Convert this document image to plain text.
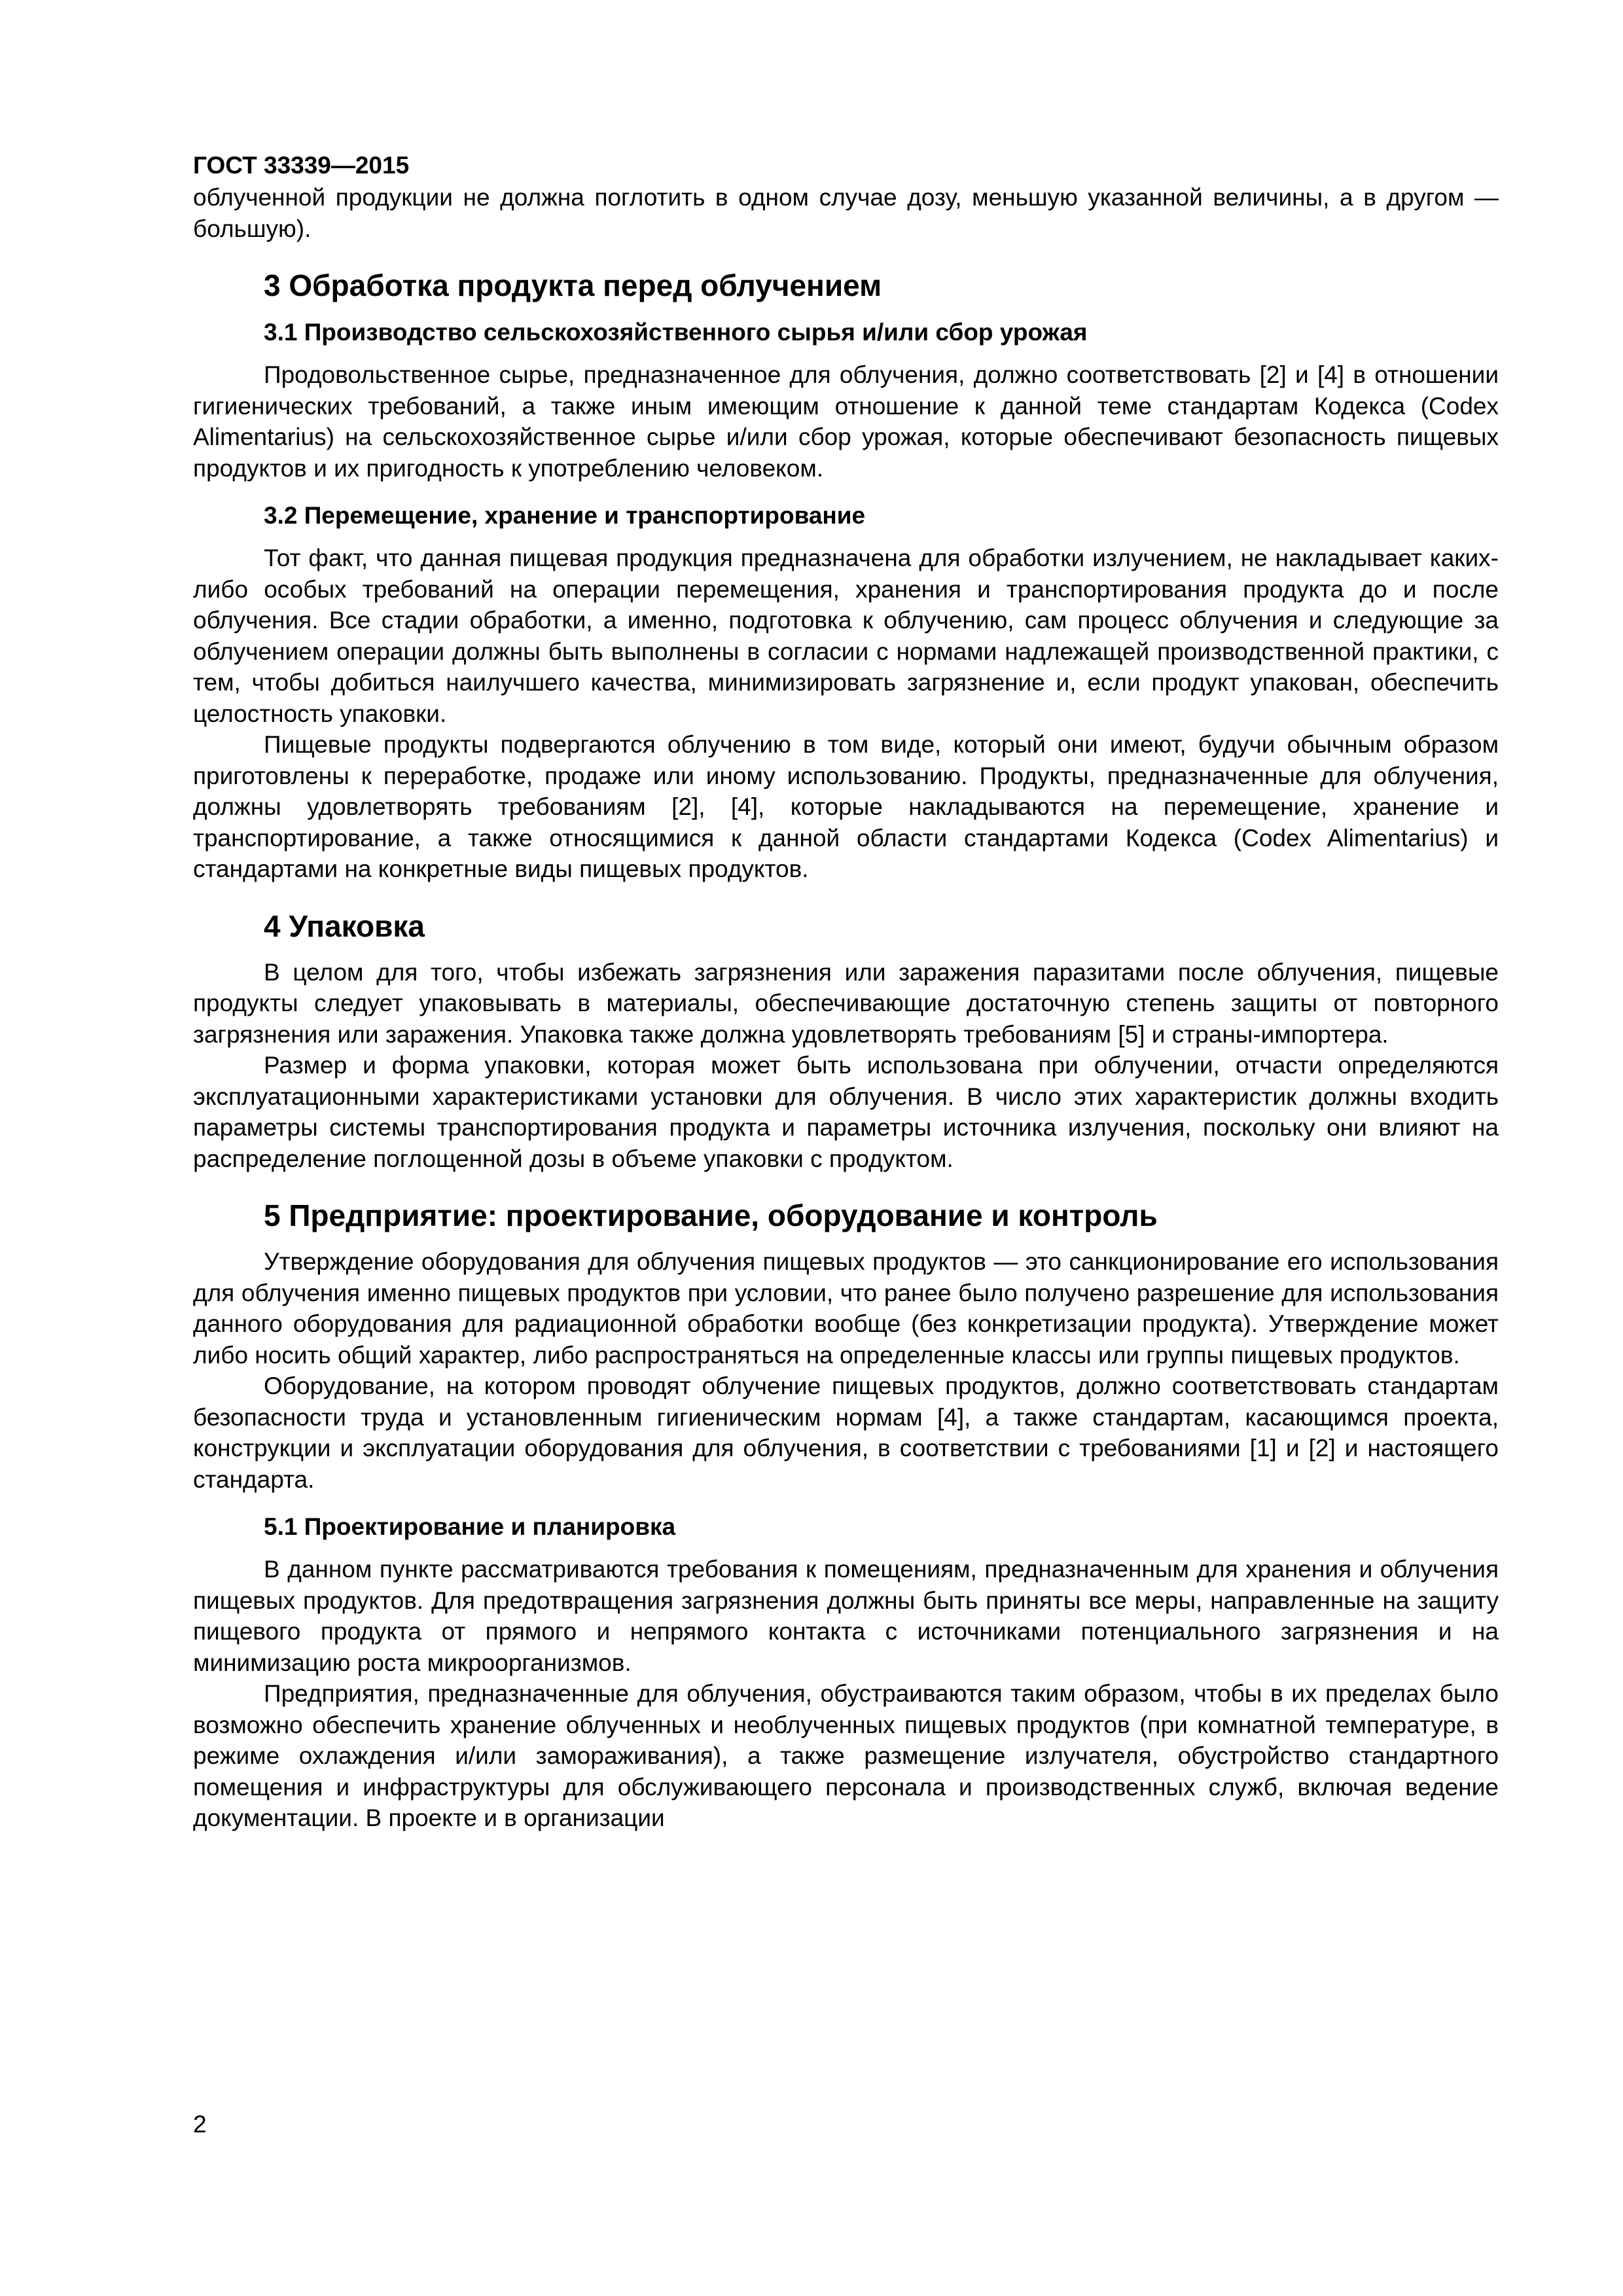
ГОСТ 33339—2015

облученной продукции не должна поглотить в одном случае дозу, меньшую указанной величины, а в другом — большую).

3 Обработка продукта перед облучением
3.1 Производство сельскохозяйственного сырья и/или сбор урожая

Продовольственное сырье, предназначенное для облучения, должно соответствовать [2] и [4] в отношении гигиенических требований, а также иным имеющим отношение к данной теме стандартам Кодекса (Codex Alimentarius) на сельскохозяйственное сырье и/или сбор урожая, которые обеспечивают безопасность пищевых продуктов и их пригодность к употреблению человеком.

3.2 Перемещение, хранение и транспортирование

Тот факт, что данная пищевая продукция предназначена для обработки излучением, не накладывает каких-либо особых требований на операции перемещения, хранения и транспортирования продукта до и после облучения. Все стадии обработки, а именно, подготовка к облучению, сам процесс облучения и следующие за облучением операции должны быть выполнены в согласии с нормами надлежащей производственной практики, с тем, чтобы добиться наилучшего качества, минимизировать загрязнение и, если продукт упакован, обеспечить целостность упаковки.

Пищевые продукты подвергаются облучению в том виде, который они имеют, будучи обычным образом приготовлены к переработке, продаже или иному использованию. Продукты, предназначенные для облучения, должны удовлетворять требованиям [2], [4], которые накладываются на перемещение, хранение и транспортирование, а также относящимися к данной области стандартами Кодекса (Codex Alimentarius) и стандартами на конкретные виды пищевых продуктов.

4 Упаковка

В целом для того, чтобы избежать загрязнения или заражения паразитами после облучения, пищевые продукты следует упаковывать в материалы, обеспечивающие достаточную степень защиты от повторного загрязнения или заражения. Упаковка также должна удовлетворять требованиям [5] и страны-импортера.

Размер и форма упаковки, которая может быть использована при облучении, отчасти определяются эксплуатационными характеристиками установки для облучения. В число этих характеристик должны входить параметры системы транспортирования продукта и параметры источника излучения, поскольку они влияют на распределение поглощенной дозы в объеме упаковки с продуктом.

5 Предприятие: проектирование, оборудование и контроль

Утверждение оборудования для облучения пищевых продуктов — это санкционирование его использования для облучения именно пищевых продуктов при условии, что ранее было получено разрешение для использования данного оборудования для радиационной обработки вообще (без конкретизации продукта). Утверждение может либо носить общий характер, либо распространяться на определенные классы или группы пищевых продуктов.

Оборудование, на котором проводят облучение пищевых продуктов, должно соответствовать стандартам безопасности труда и установленным гигиеническим нормам [4], а также стандартам, касающимся проекта, конструкции и эксплуатации оборудования для облучения, в соответствии с требованиями [1] и [2] и настоящего стандарта.

5.1 Проектирование и планировка

В данном пункте рассматриваются требования к помещениям, предназначенным для хранения и облучения пищевых продуктов. Для предотвращения загрязнения должны быть приняты все меры, направленные на защиту пищевого продукта от прямого и непрямого контакта с источниками потенциального загрязнения и на минимизацию роста микроорганизмов.

Предприятия, предназначенные для облучения, обустраиваются таким образом, чтобы в их пределах было возможно обеспечить хранение облученных и необлученных пищевых продуктов (при комнатной температуре, в режиме охлаждения и/или замораживания), а также размещение излучателя, обустройство стандартного помещения и инфраструктуры для обслуживающего персонала и производственных служб, включая ведение документации. В проекте и в организации

2
